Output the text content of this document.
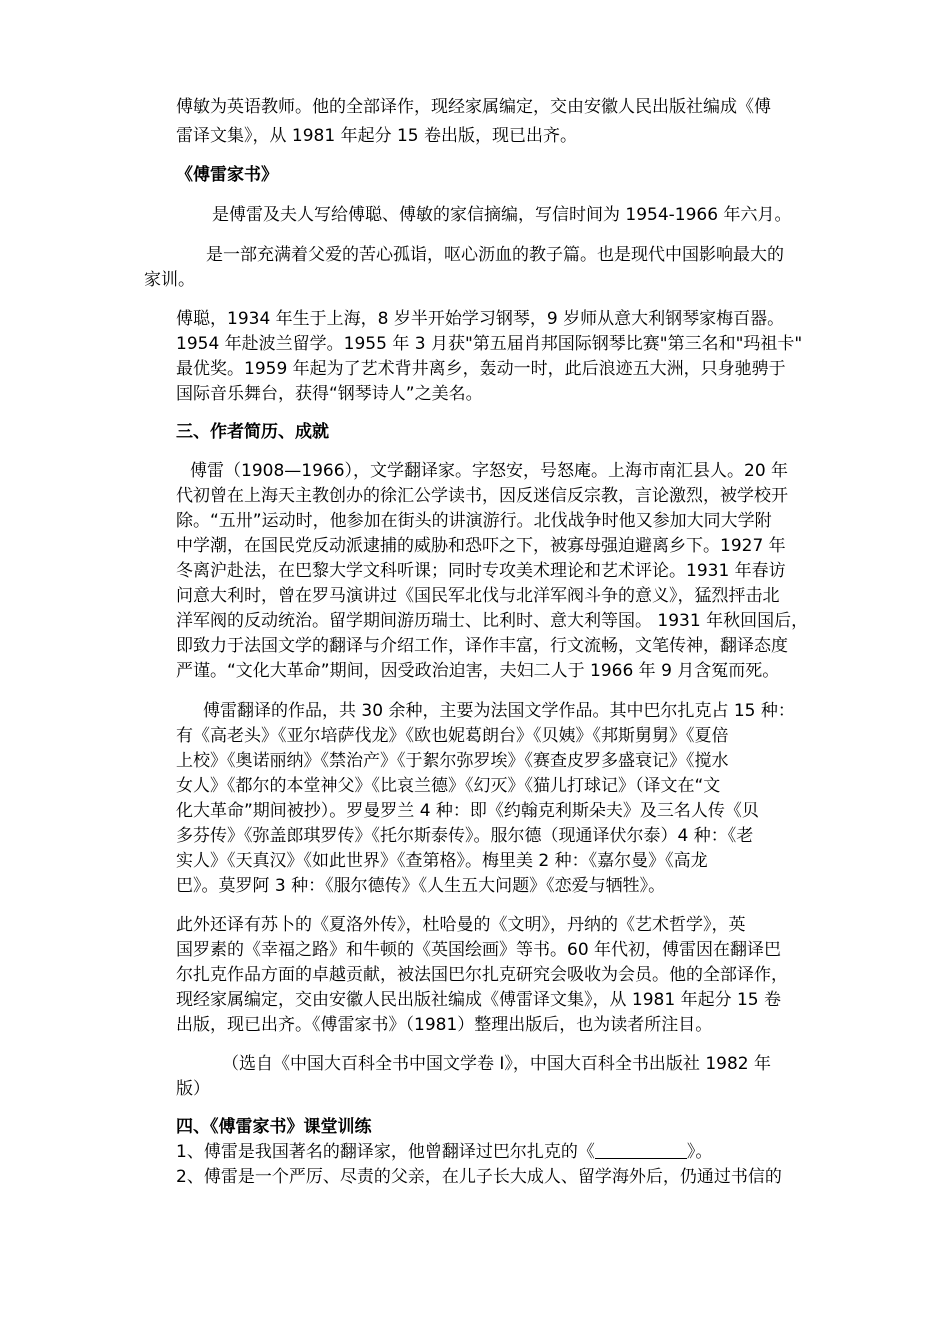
傅敏为英语教师。他的全部译作，现经家属编定，交由安徽人民出版社编成《傅

雷译文集》，从 1981 年起分 15 卷出版，现已出齐。

《傅雷家书》

是傅雷及夫人写给傅聪、傅敏的家信摘编，写信时间为 1954-1966 年六月。

是一部充满着父爱的苦心孤诣，呕心沥血的教子篇。也是现代中国影响最大的

家训。

傅聪，1934 年生于上海，8 岁半开始学习钢琴，9 岁师从意大利钢琴家梅百器。

1954 年赴波兰留学。1955 年 3 月获"第五届肖邦国际钢琴比赛"第三名和"玛祖卡"

最优奖。1959 年起为了艺术背井离乡，轰动一时，此后浪迹五大洲，只身驰骋于

国际音乐舞台，获得“钢琴诗人”之美名。

三、作者简历、成就

傅雷（1908—1966），文学翻译家。字怒安，号怒庵。上海市南汇县人。20 年

代初曾在上海天主教创办的徐汇公学读书，因反迷信反宗教，言论激烈，被学校开

除。“五卅”运动时，他参加在街头的讲演游行。北伐战争时他又参加大同大学附

中学潮，在国民党反动派逮捕的威胁和恐吓之下，被寡母强迫避离乡下。1927 年

冬离沪赴法，在巴黎大学文科听课；同时专攻美术理论和艺术评论。1931 年春访

问意大利时，曾在罗马演讲过《国民军北伐与北洋军阀斗争的意义》，猛烈抨击北

洋军阀的反动统治。留学期间游历瑞士、比利时、意大利等国。 1931 年秋回国后，

即致力于法国文学的翻译与介绍工作，译作丰富，行文流畅，文笔传神，翻译态度

严谨。“文化大革命”期间，因受政治迫害，夫妇二人于 1966 年 9 月含冤而死。

傅雷翻译的作品，共 30 余种，主要为法国文学作品。其中巴尔扎克占 15 种：

有《高老头》《亚尔培萨伐龙》《欧也妮葛朗台》《贝姨》《邦斯舅舅》《夏倍

上校》《奥诺丽纳》《禁治产》《于絮尔弥罗埃》《赛查皮罗多盛衰记》《搅水

女人》《都尔的本堂神父》《比哀兰德》《幻灭》《猫儿打球记》（译文在“文

化大革命”期间被抄）。罗曼罗兰 4 种：即《约翰克利斯朵夫》及三名人传《贝

多芬传》《弥盖郎琪罗传》《托尔斯泰传》。服尔德（现通译伏尔泰）4 种：《老

实人》《天真汉》《如此世界》《查第格》。梅里美 2 种：《嘉尔曼》《高龙

巴》。莫罗阿 3 种：《服尔德传》《人生五大问题》《恋爱与牺牲》。

此外还译有苏卜的《夏洛外传》，杜哈曼的《文明》，丹纳的《艺术哲学》，英

国罗素的《幸福之路》和牛顿的《英国绘画》等书。60 年代初，傅雷因在翻译巴

尔扎克作品方面的卓越贡献，被法国巴尔扎克研究会吸收为会员。他的全部译作，

现经家属编定，交由安徽人民出版社编成《傅雷译文集》，从 1981 年起分 15 卷

出版，现已出齐。《傅雷家书》（1981）整理出版后，也为读者所注目。

（选自《中国大百科全书中国文学卷 Ⅰ》，中国大百科全书出版社 1982 年

版）

四、《傅雷家书》课堂训练

1、傅雷是我国著名的翻译家，他曾翻译过巴尔扎克的《	》。

2、傅雷是一个严厉、尽责的父亲，在儿子长大成人、留学海外后，仍通过书信的
